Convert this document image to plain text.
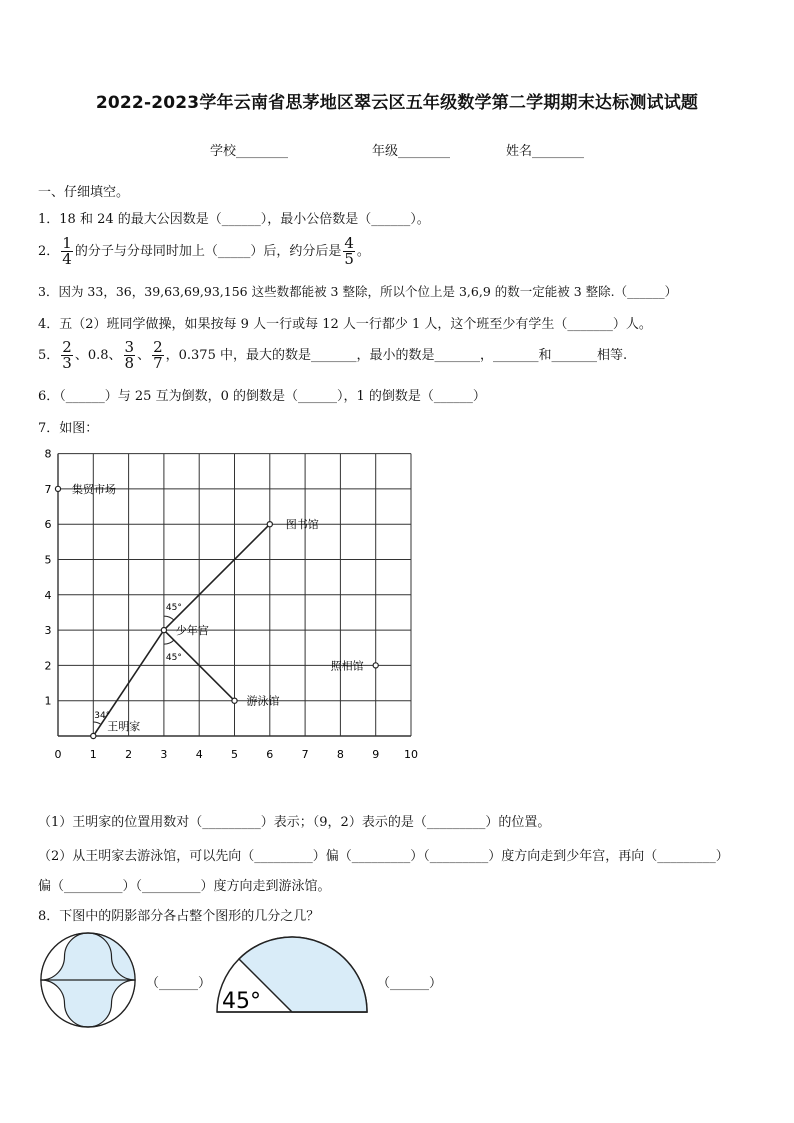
2022-2023学年云南省思茅地区翠云区五年级数学第二学期期末达标测试试题
学校________	年级________	姓名________
一、仔细填空。
1．18 和 24 的最大公因数是（______），最小公倍数是（______）。
2． $\frac{1}{4}$ 的分子与分母同时加上（_____）后，约分后是 $\frac{4}{5}$ 。
3．因为 33，36，39,63,69,93,156 这些数都能被 3 整除，所以个位上是 3,6,9 的数一定能被 3 整除.（______）
4．五（2）班同学做操，如果按每 9 人一行或每 12 人一行都少 1 人，这个班至少有学生（_______）人。
5． $\frac{2}{3}$ 、0.8、 $\frac{3}{8}$ 、 $\frac{2}{7}$ ，0.375 中，最大的数是_______，最小的数是_______，_______和_______相等.
6．（______）与 25 互为倒数，0 的倒数是（______），1 的倒数是（______）
7．如图：
0	1	2	3	4	5	6	7	8	9 10
1
2
3
4
5
6
7
8
45°
45°
34°
集贸市场
图书馆
少年宫
照相馆
游泳馆
王明家
（1）王明家的位置用数对（_________）表示；（9，2）表示的是（_________）的位置。
（2）从王明家去游泳馆，可以先向（_________）偏（_________）（_________）度方向走到少年宫，再向（_________）
偏（_________）（_________）度方向走到游泳馆。
8．下图中的阴影部分各占整个图形的几分之几？
（______）
45°
（______）
